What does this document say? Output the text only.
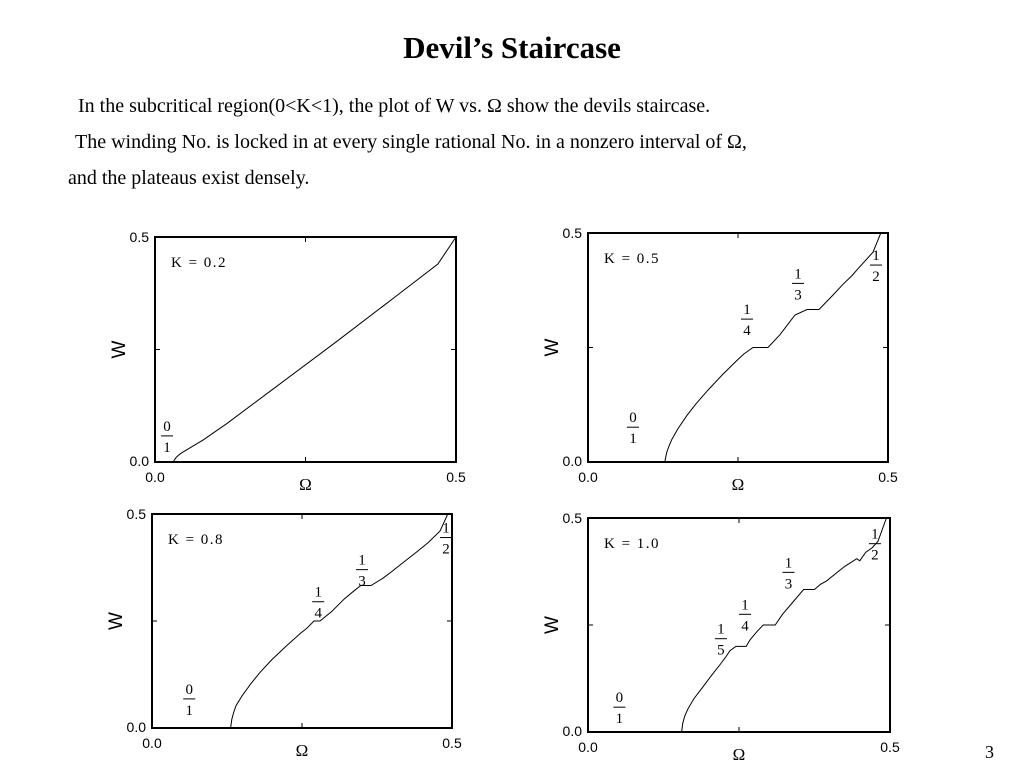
Devil’s Staircase
In the subcritical region(0<K<1), the plot of W vs. Ω show the devils staircase.
The winding No. is locked in at every single rational No. in a nonzero interval of Ω,
and the plateaus exist densely.
0.0	0.5
0.0
0.5
Ω
W
K = 0.2
0
1
0.0	0.5
0.0
0.5
Ω
W
K = 0.5
0
1
1
4
1
3
1
2
0.0	0.5
0.0
0.5
Ω
W
K = 0.8
0
1
1
4
1
3
1
2
0.0	0.5
0.0
0.5
Ω
W
K = 1.0
0
1
1
5
1
4
1
3
1
2
3
